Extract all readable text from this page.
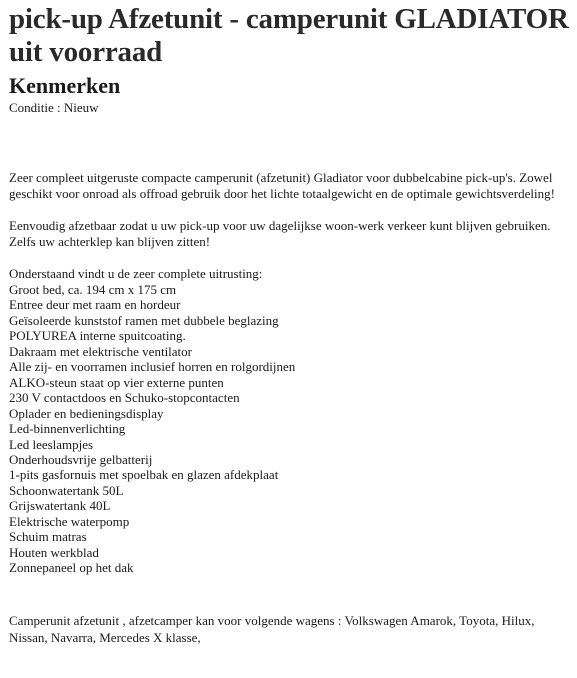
pick-up Afzetunit - camperunit GLADIATOR uit voorraad
Kenmerken
Conditie : Nieuw

Zeer compleet uitgeruste compacte camperunit (afzetunit) Gladiator voor dubbelcabine pick-up's. Zowel geschikt voor onroad als offroad gebruik door het lichte totaalgewicht en de optimale gewichtsverdeling!

Eenvoudig afzetbaar zodat u uw pick-up voor uw dagelijkse woon-werk verkeer kunt blijven gebruiken. Zelfs uw achterklep kan blijven zitten!

Onderstaand vindt u de zeer complete uitrusting:

Groot bed, ca. 194 cm x 175 cm
Entree deur met raam en hordeur
Geïsoleerde kunststof ramen met dubbele beglazing
POLYUREA interne spuitcoating.
Dakraam met elektrische ventilator
Alle zij- en voorramen inclusief horren en rolgordijnen
ALKO-steun staat op vier externe punten
230 V contactdoos en Schuko-stopcontacten
Oplader en bedieningsdisplay
Led-binnenverlichting
Led leeslampjes
Onderhoudsvrije gelbatterij
1-pits gasfornuis met spoelbak en glazen afdekplaat
Schoonwatertank 50L
Grijswatertank 40L
Elektrische waterpomp
Schuim matras
Houten werkblad
Zonnepaneel op het dak

Camperunit afzetunit , afzetcamper kan voor volgende wagens : Volkswagen Amarok, Toyota, Hilux, Nissan, Navarra, Mercedes X klasse,
